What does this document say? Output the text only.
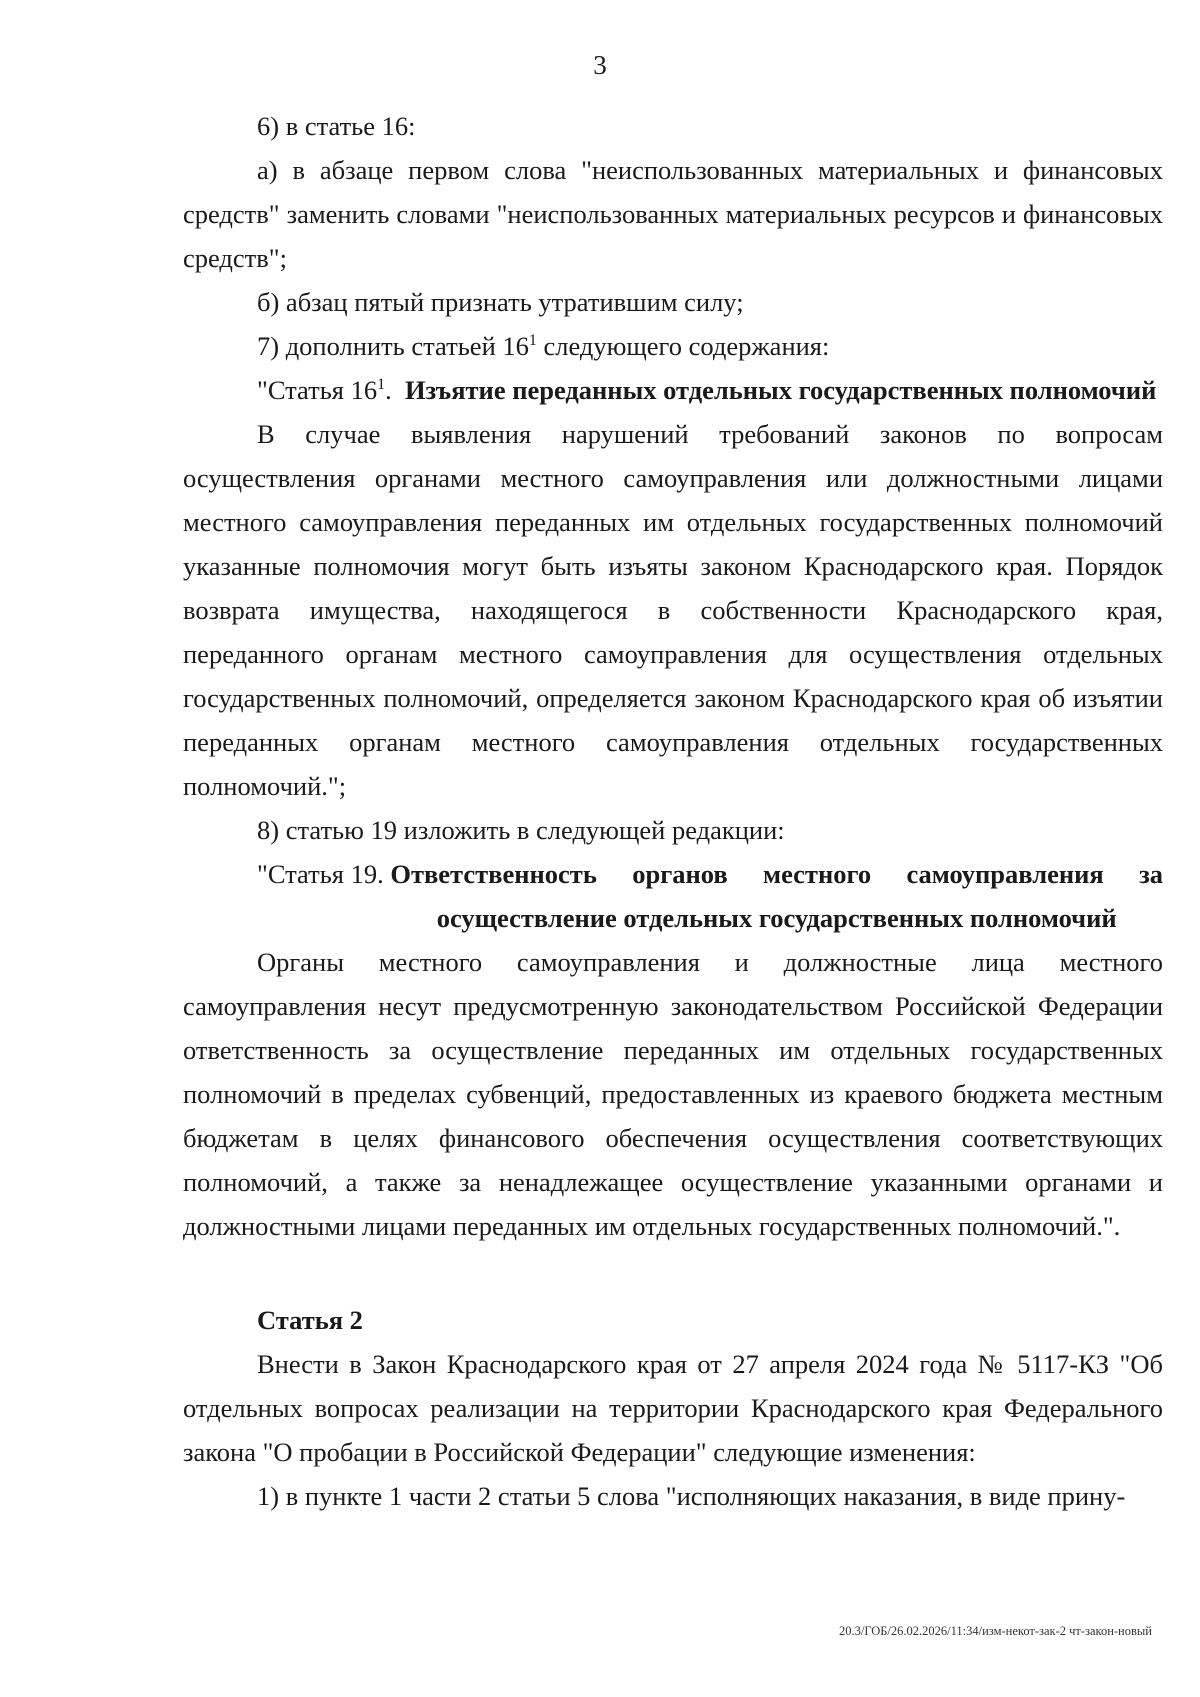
3

6) в статье 16:

а) в абзаце первом слова "неиспользованных материальных и финансовых средств" заменить словами "неиспользованных материальных ресурсов и финансовых средств";

б) абзац пятый признать утратившим силу;

7) дополнить статьей $16^1$ следующего содержания:

"Статья $16^1$. Изъятие переданных отдельных государственных полномочий

В случае выявления нарушений требований законов по вопросам осуществления органами местного самоуправления или должностными лицами местного самоуправления переданных им отдельных государственных полномочий указанные полномочия могут быть изъяты законом Краснодарского края. Порядок возврата имущества, находящегося в собственности Краснодарского края, переданного органам местного самоуправления для осуществления отдельных государственных полномочий, определяется законом Краснодарского края об изъятии переданных органам местного самоуправления отдельных государственных полномочий.";

8) статью 19 изложить в следующей редакции:

"Статья 19. Ответственность органов местного самоуправления за осуществление отдельных государственных полномочий

Органы местного самоуправления и должностные лица местного самоуправления несут предусмотренную законодательством Российской Федерации ответственность за осуществление переданных им отдельных государственных полномочий в пределах субвенций, предоставленных из краевого бюджета местным бюджетам в целях финансового обеспечения осуществления соответствующих полномочий, а также за ненадлежащее осуществление указанными органами и должностными лицами переданных им отдельных государственных полномочий.".

Статья 2

Внести в Закон Краснодарского края от 27 апреля 2024 года № 5117-КЗ "Об отдельных вопросах реализации на территории Краснодарского края Федерального закона "О пробации в Российской Федерации" следующие изменения:

1) в пункте 1 части 2 статьи 5 слова "исполняющих наказания, в виде прину-

20.3/ГОБ/26.02.2026/11:34/изм-некот-зак-2 чт-закон-новый
